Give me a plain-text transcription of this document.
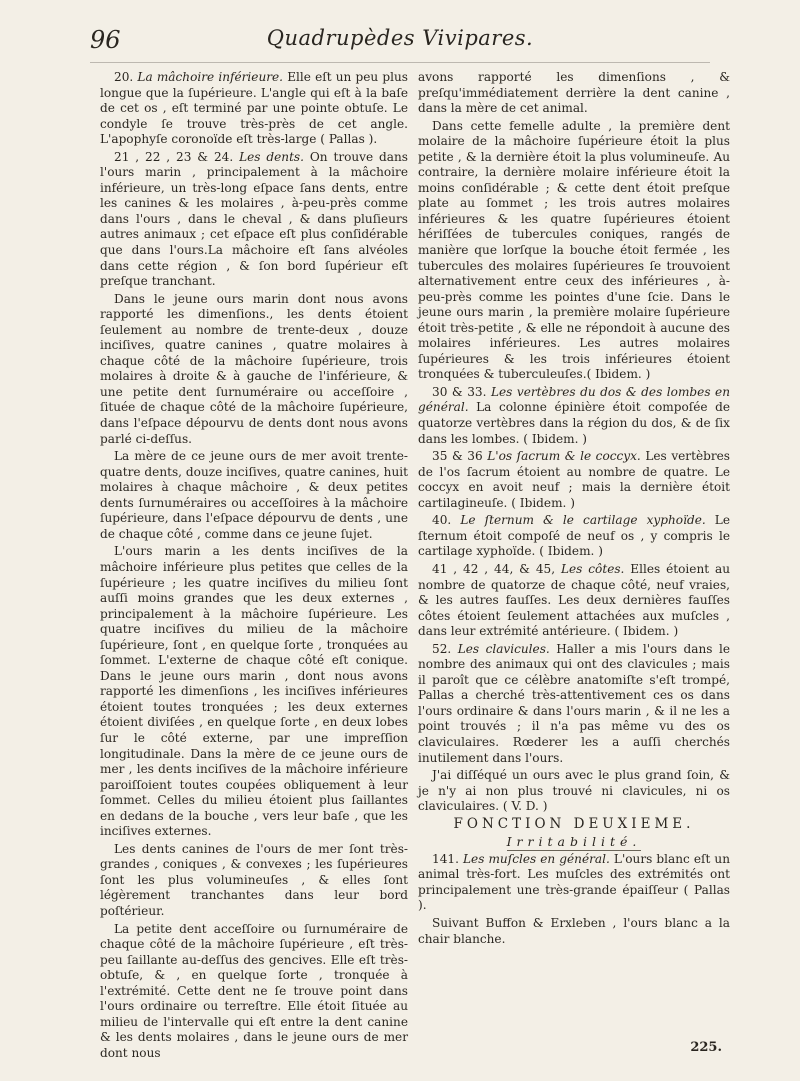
96	Quadrupèdes Vivipares.

20. La mâchoire inférieure. Elle eſt un peu plus longue que la ſupérieure. L'angle qui eſt à la baſe de cet os , eſt terminé par une pointe obtuſe. Le condyle ſe trouve très-près de cet angle. L'apophyſe coronoïde eſt très-large ( Pallas ).

21 , 22 , 23 & 24. Les dents. On trouve dans l'ours marin , principalement à la mâchoire inférieure, un très-long eſpace ſans dents, entre les canines & les molaires , à-peu-près comme dans l'ours , dans le cheval , & dans pluſieurs autres animaux ; cet eſpace eſt plus conſidérable que dans l'ours.La mâchoire eſt ſans alvéoles dans cette région , & ſon bord ſupérieur eſt preſque tranchant.

Dans le jeune ours marin dont nous avons rapporté les dimenſions., les dents étoient ſeulement au nombre de trente-deux , douze inciſives, quatre canines , quatre molaires à chaque côté de la mâchoire ſupérieure, trois molaires à droite & à gauche de l'inférieure, & une petite dent ſurnuméraire ou acceſſoire , ſituée de chaque côté de la mâchoire ſupérieure, dans l'eſpace dépourvu de dents dont nous avons parlé ci-deſſus.

La mère de ce jeune ours de mer avoit trente-quatre dents, douze inciſives, quatre canines, huit molaires à chaque mâchoire , & deux petites dents ſurnuméraires ou acceſſoires à la mâchoire ſupérieure, dans l'eſpace dépourvu de dents , une de chaque côté , comme dans ce jeune ſujet.

L'ours marin a les dents inciſives de la mâchoire inférieure plus petites que celles de la ſupérieure ; les quatre inciſives du milieu ſont auſſi moins grandes que les deux externes , principalement à la mâchoire ſupérieure. Les quatre inciſives du milieu de la mâchoire ſupérieure, ſont , en quelque ſorte , tronquées au ſommet. L'externe de chaque côté eſt conique. Dans le jeune ours marin , dont nous avons rapporté les dimenſions , les inciſives inférieures étoient toutes tronquées ; les deux externes étoient diviſées , en quelque ſorte , en deux lobes ſur le côté externe, par une impreſſion longitudinale. Dans la mère de ce jeune ours de mer , les dents inciſives de la mâchoire inférieure paroiſſoient toutes coupées obliquement à leur ſommet. Celles du milieu étoient plus ſaillantes en dedans de la bouche , vers leur baſe , que les inciſives externes.

Les dents canines de l'ours de mer ſont très-grandes , coniques , & convexes ; les ſupérieures ſont les plus volumineuſes , & elles ſont légèrement tranchantes dans leur bord poſtérieur.

La petite dent acceſſoire ou ſurnuméraire de chaque côté de la mâchoire ſupérieure , eſt très-peu ſaillante au-deſſus des gencives. Elle eſt très-obtuſe, & , en quelque ſorte , tronquée à l'extrémité. Cette dent ne ſe trouve point dans l'ours ordinaire ou terreſtre. Elle étoit ſituée au milieu de l'intervalle qui eſt entre la dent canine & les dents molaires , dans le jeune ours de mer dont nous

avons rapporté les dimenſions , & preſqu'immédiatement derrière la dent canine , dans la mère de cet animal.

Dans cette femelle adulte , la première dent molaire de la mâchoire ſupérieure étoit la plus petite , & la dernière étoit la plus volumineuſe. Au contraire, la dernière molaire inférieure étoit la moins conſidérable ; & cette dent étoit preſque plate au ſommet ; les trois autres molaires inférieures & les quatre ſupérieures étoient hériſſées de tubercules coniques, rangés de manière que lorſque la bouche étoit fermée , les tubercules des molaires ſupérieures ſe trouvoient alternativement entre ceux des inférieures , à-peu-près comme les pointes d'une ſcie. Dans le jeune ours marin , la première molaire ſupérieure étoit très-petite , & elle ne répondoit à aucune des molaires inférieures. Les autres molaires ſupérieures & les trois inférieures étoient tronquées & tuberculeuſes.( Ibidem. )

30 & 33. Les vertèbres du dos & des lombes en général. La colonne épinière étoit compoſée de quatorze vertèbres dans la région du dos, & de ſix dans les lombes. ( Ibidem. )

35 & 36 L'os ſacrum & le coccyx. Les vertèbres de l'os ſacrum étoient au nombre de quatre. Le coccyx en avoit neuf ; mais la dernière étoit cartilagineuſe. ( Ibidem. )

40. Le ſternum & le cartilage xyphoïde. Le ſternum étoit compoſé de neuf os , y compris le cartilage xyphoïde. ( Ibidem. )

41 , 42 , 44, & 45, Les côtes. Elles étoient au nombre de quatorze de chaque côté, neuf vraies, & les autres fauſſes. Les deux dernières fauſſes côtes étoient ſeulement attachées aux muſcles , dans leur extrémité antérieure. ( Ibidem. )

52. Les clavicules. Haller a mis l'ours dans le nombre des animaux qui ont des clavicules ; mais il paroît que ce célèbre anatomiſte s'eſt trompé, Pallas a cherché très-attentivement ces os dans l'ours ordinaire & dans l'ours marin , & il ne les a point trouvés ; il n'a pas même vu des os claviculaires. Rœderer les a auſſi cherchés inutilement dans l'ours.

J'ai diſſéqué un ours avec le plus grand ſoin, & je n'y ai non plus trouvé ni clavicules, ni os claviculaires. ( V. D. )

FONCTION DEUXIEME.

Irritabilité.

141. Les muſcles en général. L'ours blanc eſt un animal très-fort. Les muſcles des extrémités ont principalement une très-grande épaiſſeur ( Pallas ).

Suivant Buffon & Erxleben , l'ours blanc a la chair blanche.

225.
